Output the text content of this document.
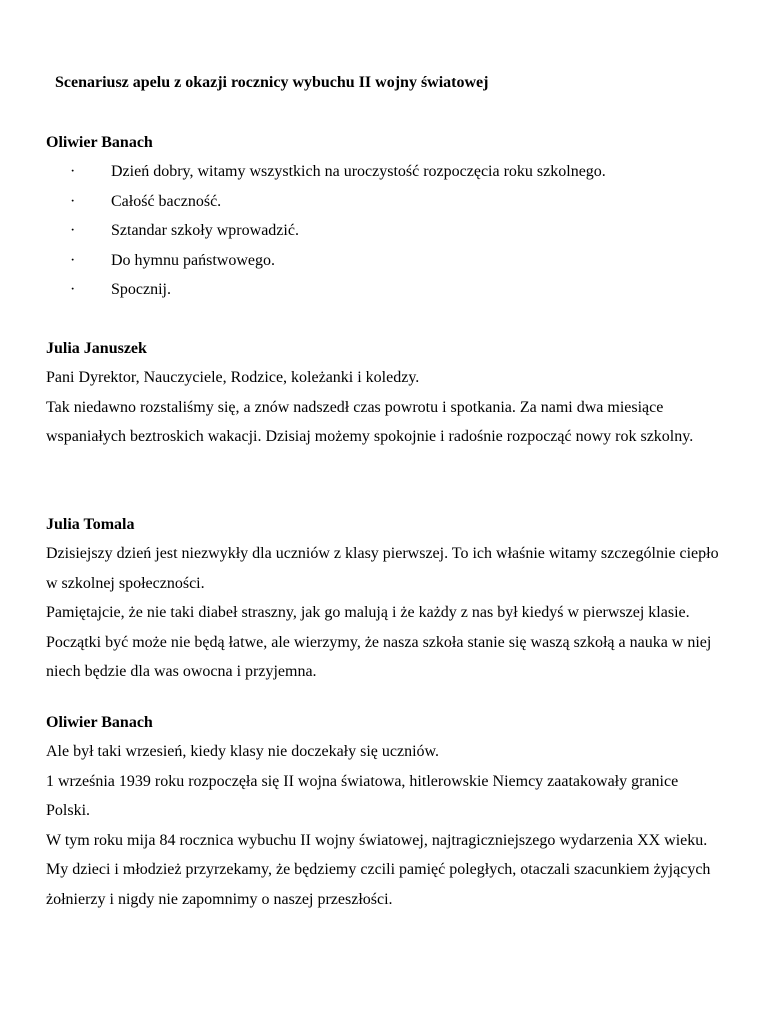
Scenariusz apelu z okazji rocznicy wybuchu II wojny światowej
Oliwier Banach
· Dzień dobry, witamy wszystkich na uroczystość rozpoczęcia roku szkolnego.
· Całość baczność.
· Sztandar szkoły wprowadzić.
· Do hymnu państwowego.
· Spocznij.
Julia Januszek

Pani Dyrektor, Nauczyciele, Rodzice, koleżanki i koledzy.

Tak niedawno rozstaliśmy się, a znów nadszedł czas powrotu i spotkania. Za nami dwa miesiące wspaniałych beztroskich wakacji. Dzisiaj możemy spokojnie i radośnie rozpocząć nowy rok szkolny.

Julia Tomala

Dzisiejszy dzień jest niezwykły dla uczniów z klasy pierwszej. To ich właśnie witamy szczególnie ciepło w szkolnej społeczności.

Pamiętajcie, że nie taki diabeł straszny, jak go malują i że każdy z nas był kiedyś w pierwszej klasie. Początki być może nie będą łatwe, ale wierzymy, że nasza szkoła stanie się waszą szkołą a nauka w niej niech będzie dla was owocna i przyjemna.

Oliwier Banach

Ale był taki wrzesień, kiedy klasy nie doczekały się uczniów.

1 września 1939 roku rozpoczęła się II wojna światowa, hitlerowskie Niemcy zaatakowały granice Polski.

W tym roku mija 84 rocznica wybuchu II wojny światowej, najtragiczniejszego wydarzenia XX wieku.

My dzieci i młodzież przyrzekamy, że będziemy czcili pamięć poległych, otaczali szacunkiem żyjących żołnierzy i nigdy nie zapomnimy o naszej przeszłości.
